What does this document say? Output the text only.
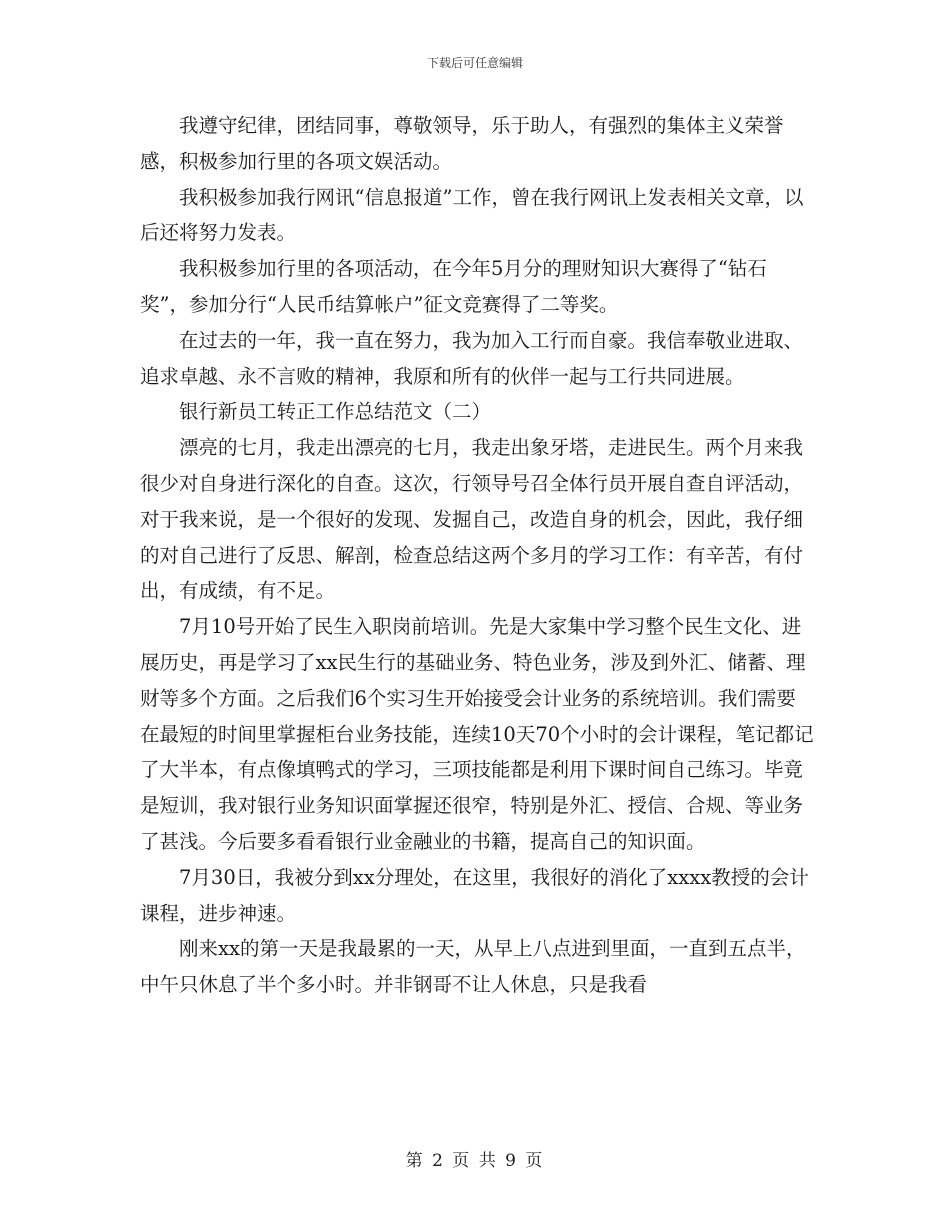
下载后可任意编辑

我遵守纪律，团结同事，尊敬领导，乐于助人，有强烈的集体主义荣誉感，积极参加行里的各项文娱活动。

我积极参加我行网讯“信息报道”工作，曾在我行网讯上发表相关文章，以后还将努力发表。

我积极参加行里的各项活动，在今年5月分的理财知识大赛得了“钻石奖”，参加分行“人民币结算帐户”征文竞赛得了二等奖。

在过去的一年，我一直在努力，我为加入工行而自豪。我信奉敬业进取、追求卓越、永不言败的精神，我原和所有的伙伴一起与工行共同进展。

银行新员工转正工作总结范文（二）

漂亮的七月，我走出漂亮的七月，我走出象牙塔，走进民生。两个月来我很少对自身进行深化的自查。这次，行领导号召全体行员开展自查自评活动，对于我来说，是一个很好的发现、发掘自己，改造自身的机会，因此，我仔细的对自己进行了反思、解剖，检查总结这两个多月的学习工作：有辛苦，有付出，有成绩，有不足。

7月10号开始了民生入职岗前培训。先是大家集中学习整个民生文化、进展历史，再是学习了xx民生行的基础业务、特色业务，涉及到外汇、储蓄、理财等多个方面。之后我们6个实习生开始接受会计业务的系统培训。我们需要在最短的时间里掌握柜台业务技能，连续10天70个小时的会计课程，笔记都记了大半本，有点像填鸭式的学习，三项技能都是利用下课时间自己练习。毕竟是短训，我对银行业务知识面掌握还很窄，特别是外汇、授信、合规、等业务了甚浅。今后要多看看银行业金融业的书籍，提高自己的知识面。

7月30日，我被分到xx分理处，在这里，我很好的消化了xxxx教授的会计课程，进步神速。

刚来xx的第一天是我最累的一天，从早上八点进到里面，一直到五点半，中午只休息了半个多小时。并非钢哥不让人休息，只是我看

第 2 页 共 9 页
